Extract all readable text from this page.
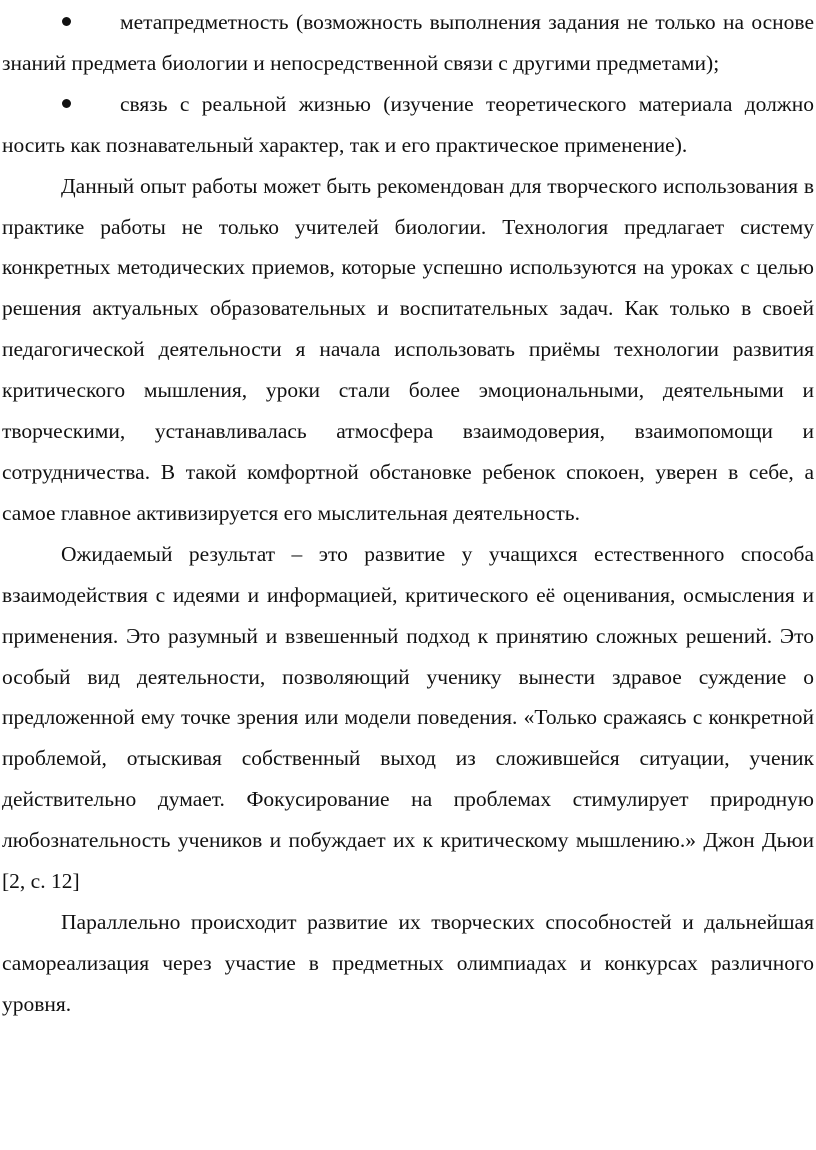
метапредметность (возможность выполнения задания не только на основе знаний предмета биологии и непосредственной связи с другими предметами);

связь с реальной жизнью (изучение теоретического материала должно носить как познавательный характер, так и его практическое применение).

Данный опыт работы может быть рекомендован для творческого использования в практике работы не только учителей биологии. Технология предлагает систему конкретных методических приемов, которые успешно используются на уроках с целью решения актуальных образовательных и воспитательных задач. Как только в своей педагогической деятельности я начала использовать приёмы технологии развития критического мышления, уроки стали более эмоциональными, деятельными и творческими, устанавливалась атмосфера взаимодоверия, взаимопомощи и сотрудничества. В такой комфортной обстановке ребенок спокоен, уверен в себе, а самое главное активизируется его мыслительная деятельность.

Ожидаемый результат – это развитие у учащихся естественного способа взаимодействия с идеями и информацией, критического её оценивания, осмысления и применения. Это разумный и взвешенный подход к принятию сложных решений. Это особый вид деятельности, позволяющий ученику вынести здравое суждение о предложенной ему точке зрения или модели поведения. «Только сражаясь с конкретной проблемой, отыскивая собственный выход из сложившейся ситуации, ученик действительно думает. Фокусирование на проблемах стимулирует природную любознательность учеников и побуждает их к критическому мышлению.» Джон Дьюи [2, с. 12]

Параллельно происходит развитие их творческих способностей и дальнейшая самореализация через участие в предметных олимпиадах и конкурсах различного уровня.
